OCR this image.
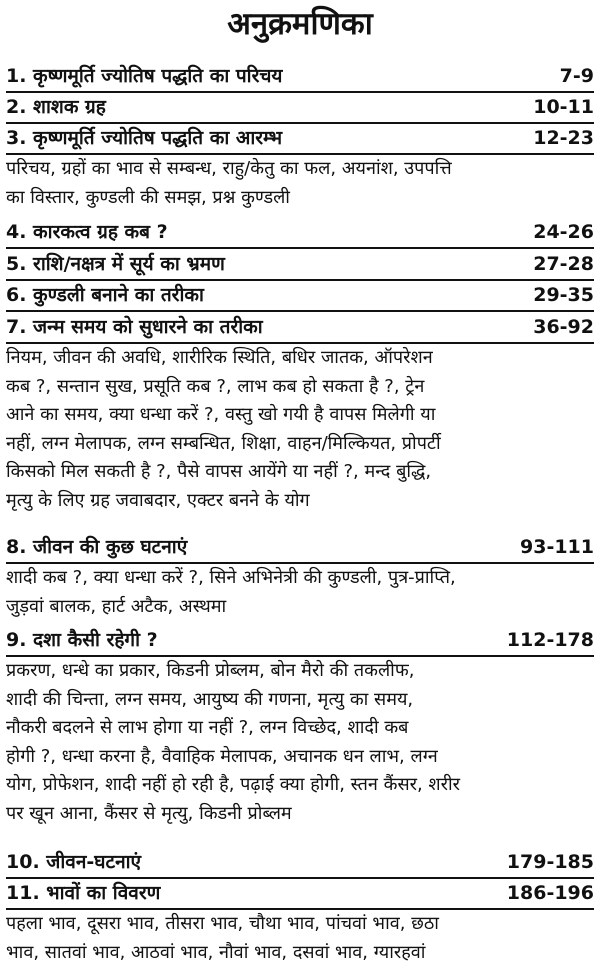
अनुक्रमणिका
1. कृष्णमूर्ति ज्योतिष पद्धति का परिचय	7-9
2. शाशक ग्रह	10-11
3. कृष्णमूर्ति ज्योतिष पद्धति का आरम्भ	12-23
परिचय, ग्रहों का भाव से सम्बन्ध, राहु/केतु का फल, अयनांश, उपपत्ति
का विस्तार, कुण्डली की समझ, प्रश्न कुण्डली
4. कारकत्व ग्रह कब ?	24-26
5. राशि/नक्षत्र में सूर्य का भ्रमण	27-28
6. कुण्डली बनाने का तरीका	29-35
7. जन्म समय को सुधारने का तरीका	36-92
नियम, जीवन की अवधि, शारीरिक स्थिति, बधिर जातक, ऑपरेशन
कब ?, सन्तान सुख, प्रसूति कब ?, लाभ कब हो सकता है ?, ट्रेन
आने का समय, क्या धन्धा करें ?, वस्तु खो गयी है वापस मिलेगी या
नहीं, लग्न मेलापक, लग्न सम्बन्धित, शिक्षा, वाहन/मिल्कियत, प्रोपर्टी
किसको मिल सकती है ?, पैसे वापस आयेंगे या नहीं ?, मन्द बुद्धि,
मृत्यु के लिए ग्रह जवाबदार, एक्टर बनने के योग
8. जीवन की कुछ घटनाएं	93-111
शादी कब ?, क्या धन्धा करें ?, सिने अभिनेत्री की कुण्डली, पुत्र-प्राप्ति,
जुड़वां बालक, हार्ट अटैक, अस्थमा
9. दशा कैसी रहेगी ?	112-178
प्रकरण, धन्धे का प्रकार, किडनी प्रोब्लम, बोन मैरो की तकलीफ,
शादी की चिन्ता, लग्न समय, आयुष्य की गणना, मृत्यु का समय,
नौकरी बदलने से लाभ होगा या नहीं ?, लग्न विच्छेद, शादी कब
होगी ?, धन्धा करना है, वैवाहिक मेलापक, अचानक धन लाभ, लग्न
योग, प्रोफेशन, शादी नहीं हो रही है, पढ़ाई क्या होगी, स्तन कैंसर, शरीर
पर खून आना, कैंसर से मृत्यु, किडनी प्रोब्लम
10. जीवन-घटनाएं	179-185
11. भावों का विवरण	186-196
पहला भाव, दूसरा भाव, तीसरा भाव, चौथा भाव, पांचवां भाव, छठा
भाव, सातवां भाव, आठवां भाव, नौवां भाव, दसवां भाव, ग्यारहवां
